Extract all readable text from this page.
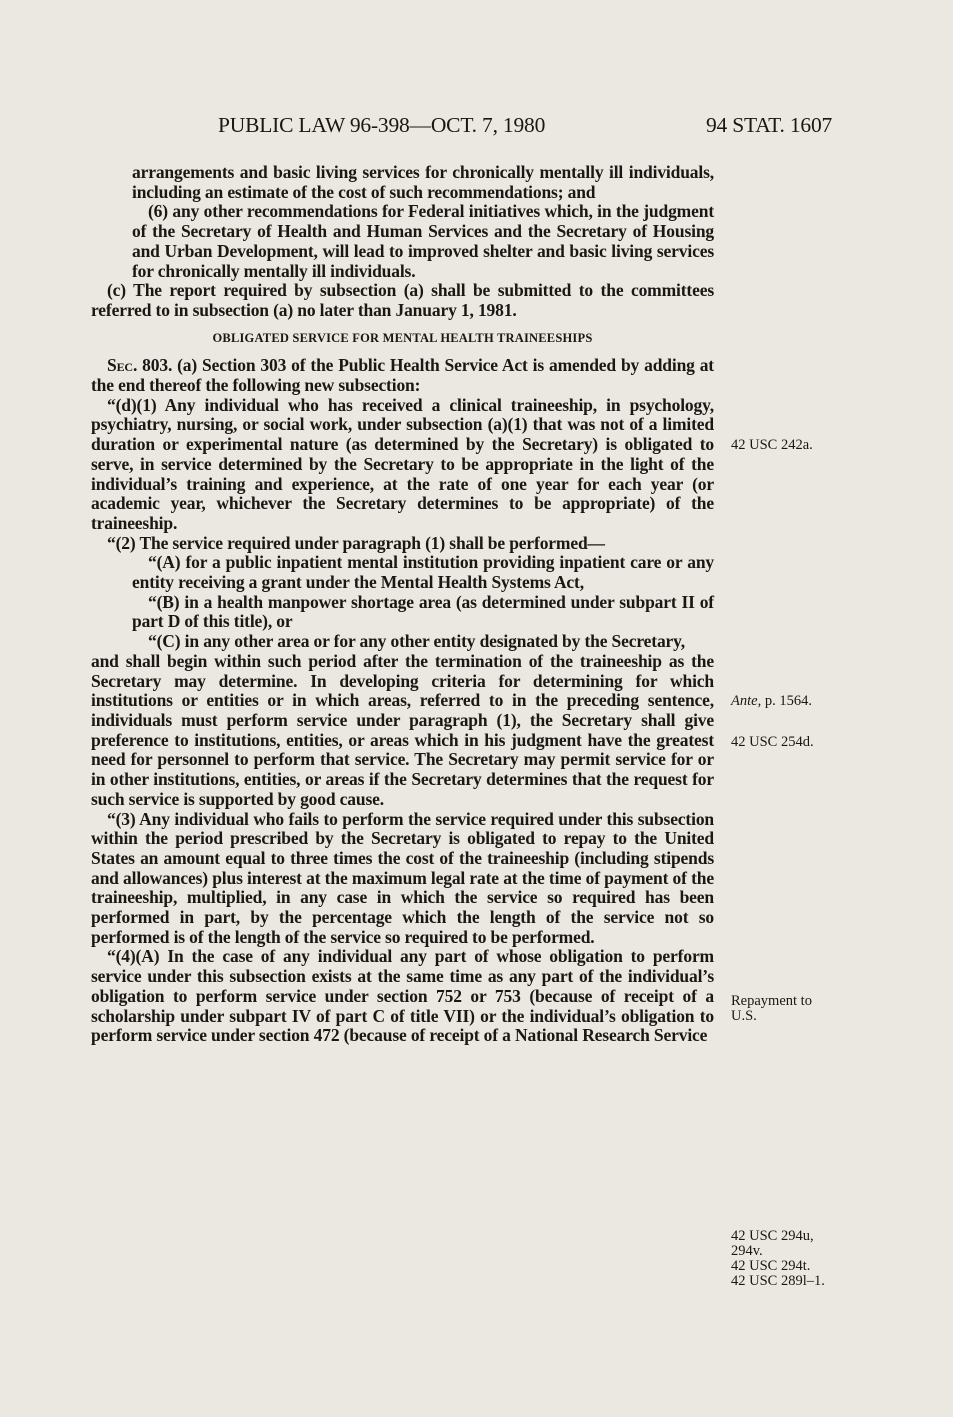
PUBLIC LAW 96-398—OCT. 7, 1980	94 STAT. 1607

arrangements and basic living services for chronically mentally ill individuals, including an estimate of the cost of such recommendations; and

(6) any other recommendations for Federal initiatives which, in the judgment of the Secretary of Health and Human Services and the Secretary of Housing and Urban Development, will lead to improved shelter and basic living services for chronically mentally ill individuals.

(c) The report required by subsection (a) shall be submitted to the committees referred to in subsection (a) no later than January 1, 1981.

OBLIGATED SERVICE FOR MENTAL HEALTH TRAINEESHIPS

Sec. 803. (a) Section 303 of the Public Health Service Act is amended by adding at the end thereof the following new subsection:

“(d)(1) Any individual who has received a clinical traineeship, in psychology, psychiatry, nursing, or social work, under subsection (a)(1) that was not of a limited duration or experimental nature (as determined by the Secretary) is obligated to serve, in service determined by the Secretary to be appropriate in the light of the individual’s training and experience, at the rate of one year for each year (or academic year, whichever the Secretary determines to be appropriate) of the traineeship.

“(2) The service required under paragraph (1) shall be performed—

“(A) for a public inpatient mental institution providing inpatient care or any entity receiving a grant under the Mental Health Systems Act,

“(B) in a health manpower shortage area (as determined under subpart II of part D of this title), or

“(C) in any other area or for any other entity designated by the Secretary,

and shall begin within such period after the termination of the traineeship as the Secretary may determine. In developing criteria for determining for which institutions or entities or in which areas, referred to in the preceding sentence, individuals must perform service under paragraph (1), the Secretary shall give preference to institutions, entities, or areas which in his judgment have the greatest need for personnel to perform that service. The Secretary may permit service for or in other institutions, entities, or areas if the Secretary determines that the request for such service is supported by good cause.

“(3) Any individual who fails to perform the service required under this subsection within the period prescribed by the Secretary is obligated to repay to the United States an amount equal to three times the cost of the traineeship (including stipends and allowances) plus interest at the maximum legal rate at the time of payment of the traineeship, multiplied, in any case in which the service so required has been performed in part, by the percentage which the length of the service not so performed is of the length of the service so required to be performed.

“(4)(A) In the case of any individual any part of whose obligation to perform service under this subsection exists at the same time as any part of the individual’s obligation to perform service under section 752 or 753 (because of receipt of a scholarship under subpart IV of part C of title VII) or the individual’s obligation to perform service under section 472 (because of receipt of a National Research Service

42 USC 242a.
Ante, p. 1564.
42 USC 254d.
Repayment to
U.S.
42 USC 294u,
294v.
42 USC 294t.
42 USC 289l–1.
